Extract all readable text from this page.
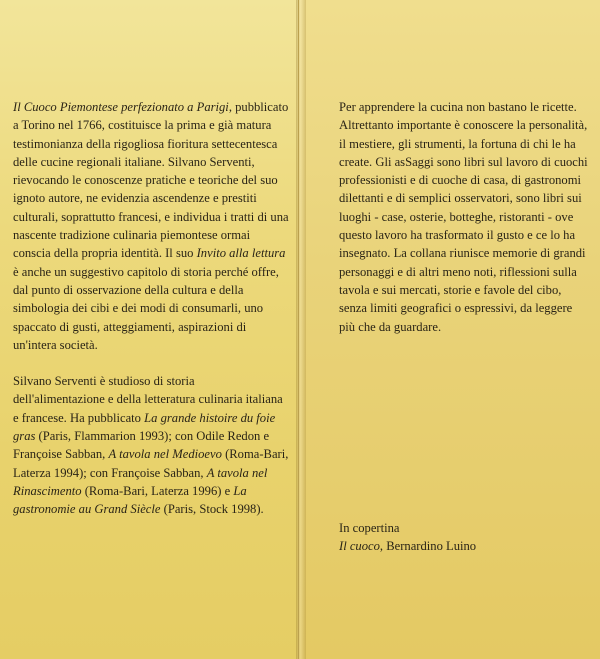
Il Cuoco Piemontese perfezionato a Parigi, pubblicato a Torino nel 1766, costituisce la prima e già matura testimonianza della rigogliosa fioritura settecentesca delle cucine regionali italiane. Silvano Serventi, rievocando le conoscenze pratiche e teoriche del suo ignoto autore, ne evidenzia ascendenze e prestiti culturali, soprattutto francesi, e individua i tratti di una nascente tradizione culinaria piemontese ormai conscia della propria identità. Il suo Invito alla lettura è anche un suggestivo capitolo di storia perché offre, dal punto di osservazione della cultura e della simbologia dei cibi e dei modi di consumarli, uno spaccato di gusti, atteggiamenti, aspirazioni di un'intera società.

Silvano Serventi è studioso di storia dell'alimentazione e della letteratura culinaria italiana e francese. Ha pubblicato La grande histoire du foie gras (Paris, Flammarion 1993); con Odile Redon e Françoise Sabban, A tavola nel Medioevo (Roma-Bari, Laterza 1994); con Françoise Sabban, A tavola nel Rinascimento (Roma-Bari, Laterza 1996) e La gastronomie au Grand Siècle (Paris, Stock 1998).

Per apprendere la cucina non bastano le ricette. Altrettanto importante è conoscere la personalità, il mestiere, gli strumenti, la fortuna di chi le ha create. Gli asSaggi sono libri sul lavoro di cuochi professionisti e di cuoche di casa, di gastronomi dilettanti e di semplici osservatori, sono libri sui luoghi - case, osterie, botteghe, ristoranti - ove questo lavoro ha trasformato il gusto e ce lo ha insegnato. La collana riunisce memorie di grandi personaggi e di altri meno noti, riflessioni sulla tavola e sui mercati, storie e favole del cibo, senza limiti geografici o espressivi, da leggere più che da guardare.

In copertina
Il cuoco, Bernardino Luino
